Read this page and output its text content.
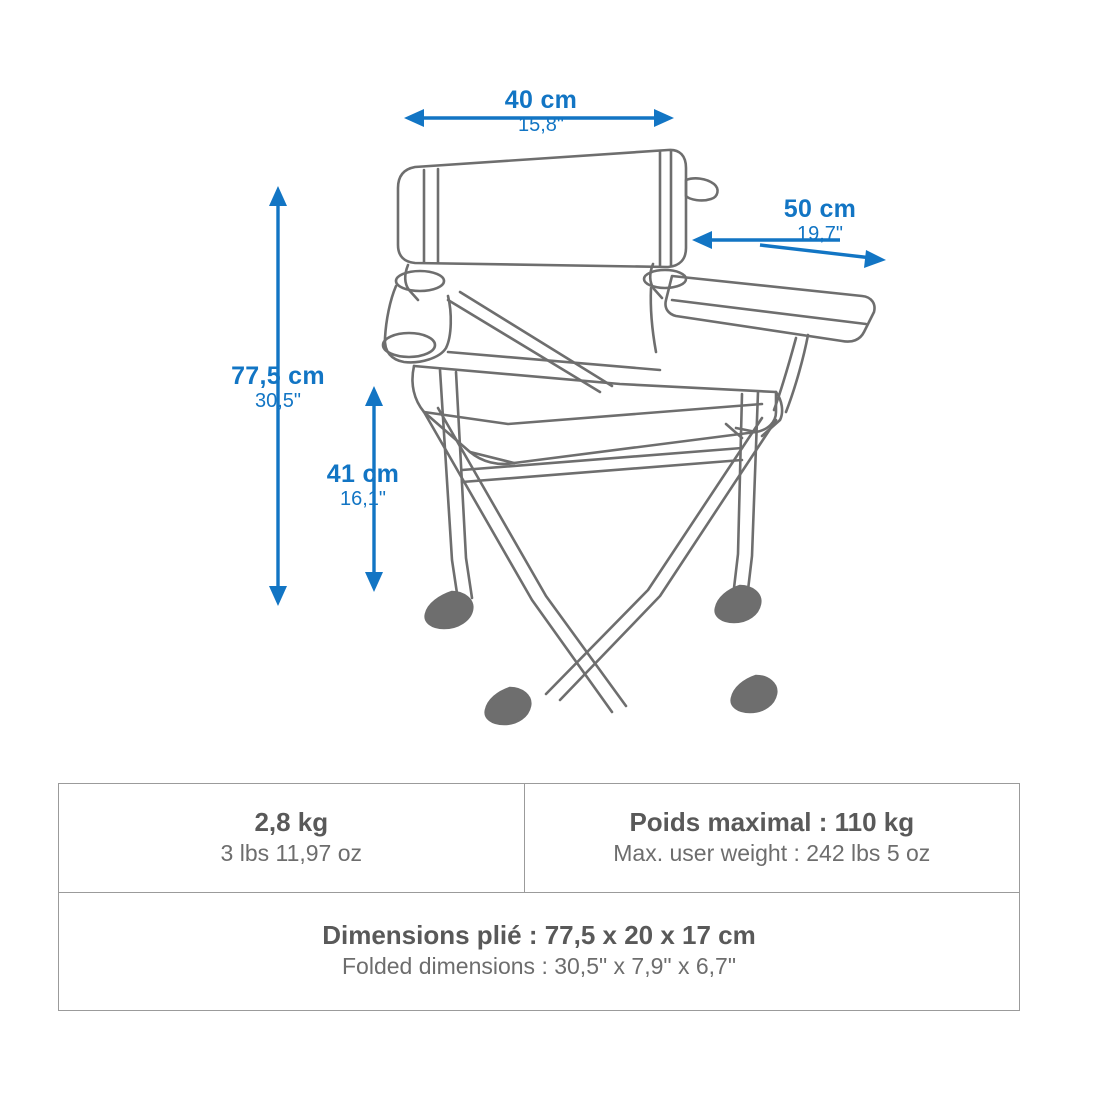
40 cm
15,8"
50 cm
19,7"
77,5 cm
30,5"
41 cm
16,1"
2,8 kg
3 lbs 11,97 oz
Poids maximal : 110 kg
Max. user weight : 242 lbs 5 oz
Dimensions plié : 77,5 x 20 x 17 cm
Folded dimensions : 30,5" x 7,9" x 6,7"
